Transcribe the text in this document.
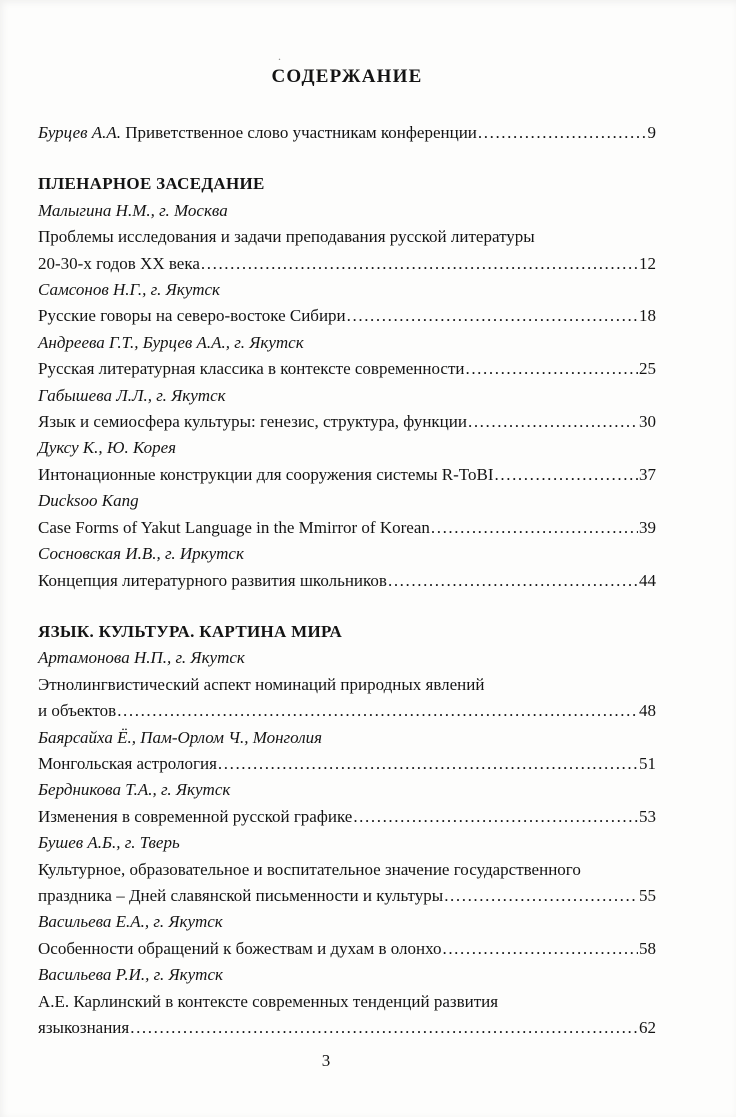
.
СОДЕРЖАНИЕ
Бурцев А.А.
Приветственное слово участникам конференции .....	9
ПЛЕНАРНОЕ ЗАСЕДАНИЕ
Малыгина Н.М., г. Москва
Проблемы исследования и задачи преподавания русской литературы
20-30-х годов XX века .....	12
Самсонов Н.Г., г. Якутск
Русские говоры на северо-востоке Сибири .....	18
Андреева Г.Т., Бурцев А.А., г. Якутск
Русская литературная классика в контексте современности .....	25
Габышева Л.Л., г. Якутск
Язык и семиосфера культуры: генезис, структура, функции .....	30
Дуксу К., Ю. Корея
Интонационные конструкции для сооружения системы R-ToBI .....	37
Ducksoo Kang
Case Forms of Yakut Language in the Mmirror of Korean .....	39
Сосновская И.В., г. Иркутск
Концепция литературного развития школьников .....	44
ЯЗЫК. КУЛЬТУРА. КАРТИНА МИРА
Артамонова Н.П., г. Якутск
Этнолингвистический аспект номинаций природных явлений
и объектов .....	48
Баярсайха Ё., Пам-Орлом Ч., Монголия
Монгольская астрология .....	51
Бердникова Т.А., г. Якутск
Изменения в современной русской графике .....	53
Бушев А.Б., г. Тверь
Культурное, образовательное и воспитательное значение государственного
праздника – Дней славянской письменности и культуры .....	55
Васильева Е.А., г. Якутск
Особенности обращений к божествам и духам в олонхо .....	58
Васильева Р.И., г. Якутск
А.Е. Карлинский в контексте современных тенденций развития
языкознания .....	62
3
